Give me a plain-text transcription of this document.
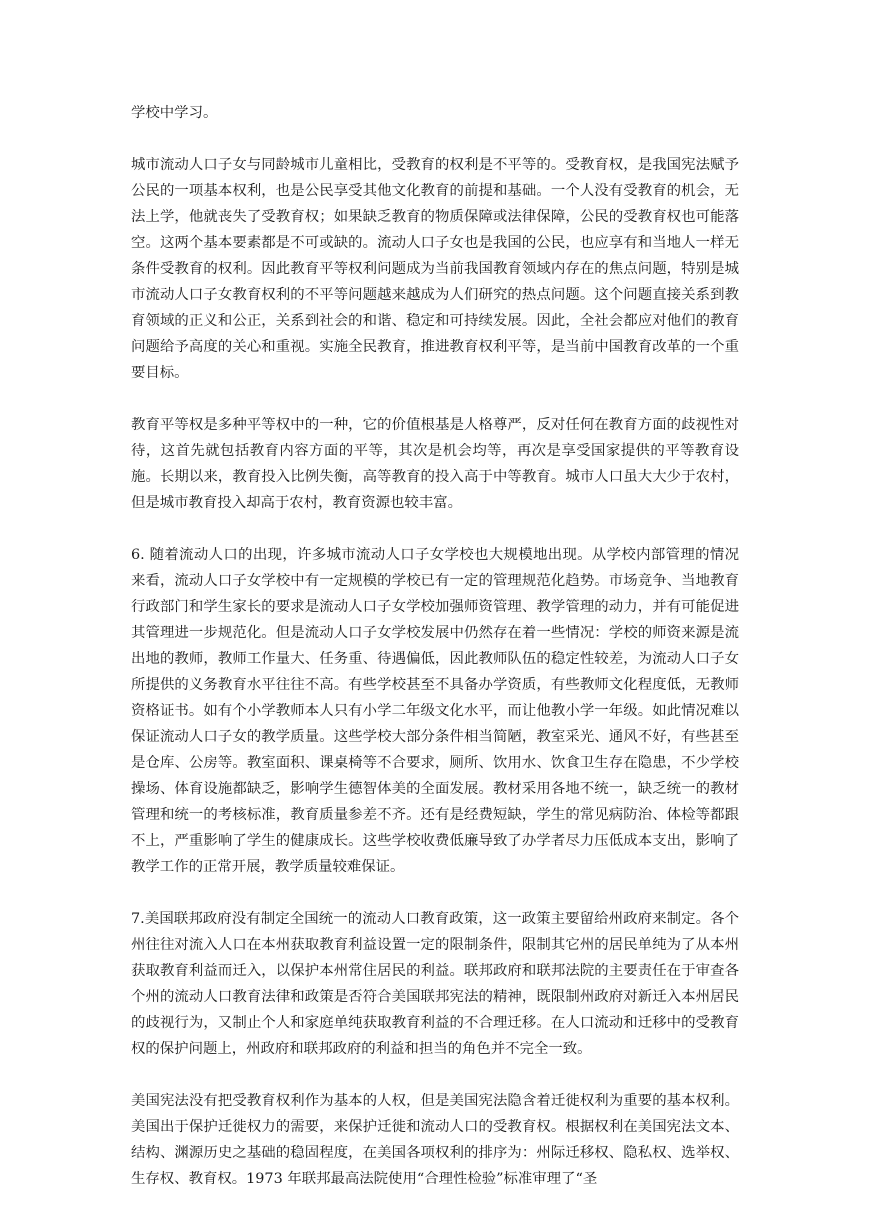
学校中学习。

城市流动人口子女与同龄城市儿童相比，受教育的权利是不平等的。受教育权，是我国宪法赋予公民的一项基本权利，也是公民享受其他文化教育的前提和基础。一个人没有受教育的机会，无法上学，他就丧失了受教育权；如果缺乏教育的物质保障或法律保障，公民的受教育权也可能落空。这两个基本要素都是不可或缺的。流动人口子女也是我国的公民，也应享有和当地人一样无条件受教育的权利。因此教育平等权利问题成为当前我国教育领域内存在的焦点问题，特别是城市流动人口子女教育权利的不平等问题越来越成为人们研究的热点问题。这个问题直接关系到教育领域的正义和公正，关系到社会的和谐、稳定和可持续发展。因此，全社会都应对他们的教育问题给予高度的关心和重视。实施全民教育，推进教育权利平等，是当前中国教育改革的一个重要目标。

教育平等权是多种平等权中的一种，它的价值根基是人格尊严，反对任何在教育方面的歧视性对待，这首先就包括教育内容方面的平等，其次是机会均等，再次是享受国家提供的平等教育设施。长期以来，教育投入比例失衡，高等教育的投入高于中等教育。城市人口虽大大少于农村，但是城市教育投入却高于农村，教育资源也较丰富。

6. 随着流动人口的出现，许多城市流动人口子女学校也大规模地出现。从学校内部管理的情况来看，流动人口子女学校中有一定规模的学校已有一定的管理规范化趋势。市场竞争、当地教育行政部门和学生家长的要求是流动人口子女学校加强师资管理、教学管理的动力，并有可能促进其管理进一步规范化。但是流动人口子女学校发展中仍然存在着一些情况：学校的师资来源是流出地的教师，教师工作量大、任务重、待遇偏低，因此教师队伍的稳定性较差，为流动人口子女所提供的义务教育水平往往不高。有些学校甚至不具备办学资质，有些教师文化程度低，无教师资格证书。如有个小学教师本人只有小学二年级文化水平，而让他教小学一年级。如此情况难以保证流动人口子女的教学质量。这些学校大部分条件相当简陋，教室采光、通风不好，有些甚至是仓库、公房等。教室面积、课桌椅等不合要求，厕所、饮用水、饮食卫生存在隐患，不少学校操场、体育设施都缺乏，影响学生德智体美的全面发展。教材采用各地不统一，缺乏统一的教材管理和统一的考核标准，教育质量参差不齐。还有是经费短缺，学生的常见病防治、体检等都跟不上，严重影响了学生的健康成长。这些学校收费低廉导致了办学者尽力压低成本支出，影响了教学工作的正常开展，教学质量较难保证。

7.美国联邦政府没有制定全国统一的流动人口教育政策，这一政策主要留给州政府来制定。各个州往往对流入人口在本州获取教育利益设置一定的限制条件，限制其它州的居民单纯为了从本州获取教育利益而迁入，以保护本州常住居民的利益。联邦政府和联邦法院的主要责任在于审查各个州的流动人口教育法律和政策是否符合美国联邦宪法的精神，既限制州政府对新迁入本州居民的歧视行为，又制止个人和家庭单纯获取教育利益的不合理迁移。在人口流动和迁移中的受教育权的保护问题上，州政府和联邦政府的利益和担当的角色并不完全一致。

美国宪法没有把受教育权利作为基本的人权，但是美国宪法隐含着迁徙权利为重要的基本权利。美国出于保护迁徙权力的需要，来保护迁徙和流动人口的受教育权。根据权利在美国宪法文本、结构、渊源历史之基础的稳固程度，在美国各项权利的排序为：州际迁移权、隐私权、选举权、生存权、教育权。1973 年联邦最高法院使用“合理性检验”标准审理了“圣
